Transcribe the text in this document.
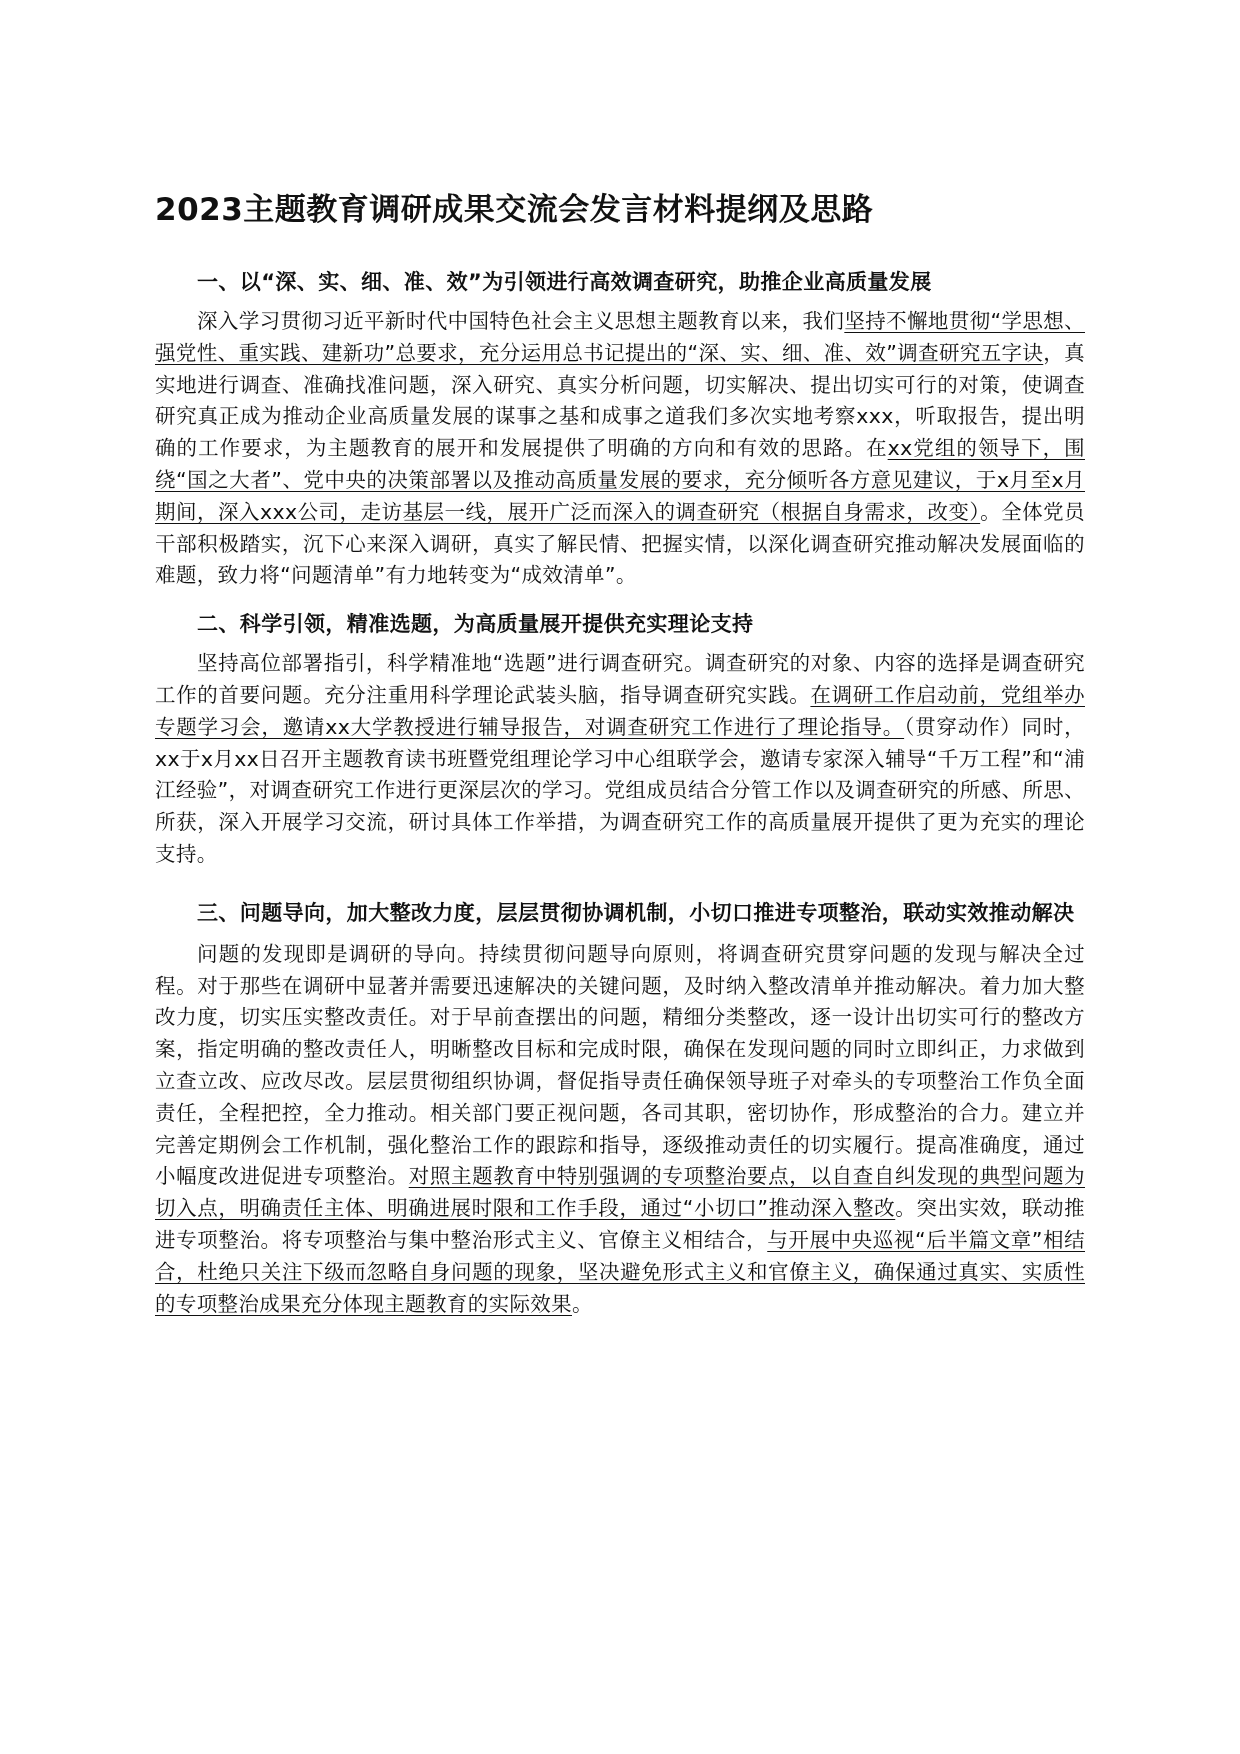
2023主题教育调研成果交流会发言材料提纲及思路

一、以“深、实、细、准、效”为引领进行高效调查研究，助推企业高质量发展

深入学习贯彻习近平新时代中国特色社会主义思想主题教育以来，我们坚持不懈地贯彻“学思想、强党性、重实践、建新功”总要求，充分运用总书记提出的“深、实、细、准、效”调查研究五字诀，真实地进行调查、准确找准问题，深入研究、真实分析问题，切实解决、提出切实可行的对策，使调查研究真正成为推动企业高质量发展的谋事之基和成事之道我们多次实地考察xxx，听取报告，提出明确的工作要求，为主题教育的展开和发展提供了明确的方向和有效的思路。在xx党组的领导下，围绕“国之大者”、党中央的决策部署以及推动高质量发展的要求，充分倾听各方意见建议，于x月至x月期间，深入xxx公司，走访基层一线，展开广泛而深入的调查研究（根据自身需求，改变）。全体党员干部积极踏实，沉下心来深入调研，真实了解民情、把握实情，以深化调查研究推动解决发展面临的难题，致力将“问题清单”有力地转变为“成效清单”。

二、科学引领，精准选题，为高质量展开提供充实理论支持

坚持高位部署指引，科学精准地“选题”进行调查研究。调查研究的对象、内容的选择是调查研究工作的首要问题。充分注重用科学理论武装头脑，指导调查研究实践。在调研工作启动前，党组举办专题学习会，邀请xx大学教授进行辅导报告，对调查研究工作进行了理论指导。（贯穿动作）同时，xx于x月xx日召开主题教育读书班暨党组理论学习中心组联学会，邀请专家深入辅导“千万工程”和“浦江经验”，对调查研究工作进行更深层次的学习。党组成员结合分管工作以及调查研究的所感、所思、所获，深入开展学习交流，研讨具体工作举措，为调查研究工作的高质量展开提供了更为充实的理论支持。

三、问题导向，加大整改力度，层层贯彻协调机制，小切口推进专项整治，联动实效推动解决

问题的发现即是调研的导向。持续贯彻问题导向原则，将调查研究贯穿问题的发现与解决全过程。对于那些在调研中显著并需要迅速解决的关键问题，及时纳入整改清单并推动解决。着力加大整改力度，切实压实整改责任。对于早前查摆出的问题，精细分类整改，逐一设计出切实可行的整改方案，指定明确的整改责任人，明晰整改目标和完成时限，确保在发现问题的同时立即纠正，力求做到立查立改、应改尽改。层层贯彻组织协调，督促指导责任确保领导班子对牵头的专项整治工作负全面责任，全程把控，全力推动。相关部门要正视问题，各司其职，密切协作，形成整治的合力。建立并完善定期例会工作机制，强化整治工作的跟踪和指导，逐级推动责任的切实履行。提高准确度，通过小幅度改进促进专项整治。对照主题教育中特别强调的专项整治要点，以自查自纠发现的典型问题为切入点，明确责任主体、明确进展时限和工作手段，通过“小切口”推动深入整改。突出实效，联动推进专项整治。将专项整治与集中整治形式主义、官僚主义相结合，与开展中央巡视“后半篇文章”相结合，杜绝只关注下级而忽略自身问题的现象，坚决避免形式主义和官僚主义，确保通过真实、实质性的专项整治成果充分体现主题教育的实际效果。
